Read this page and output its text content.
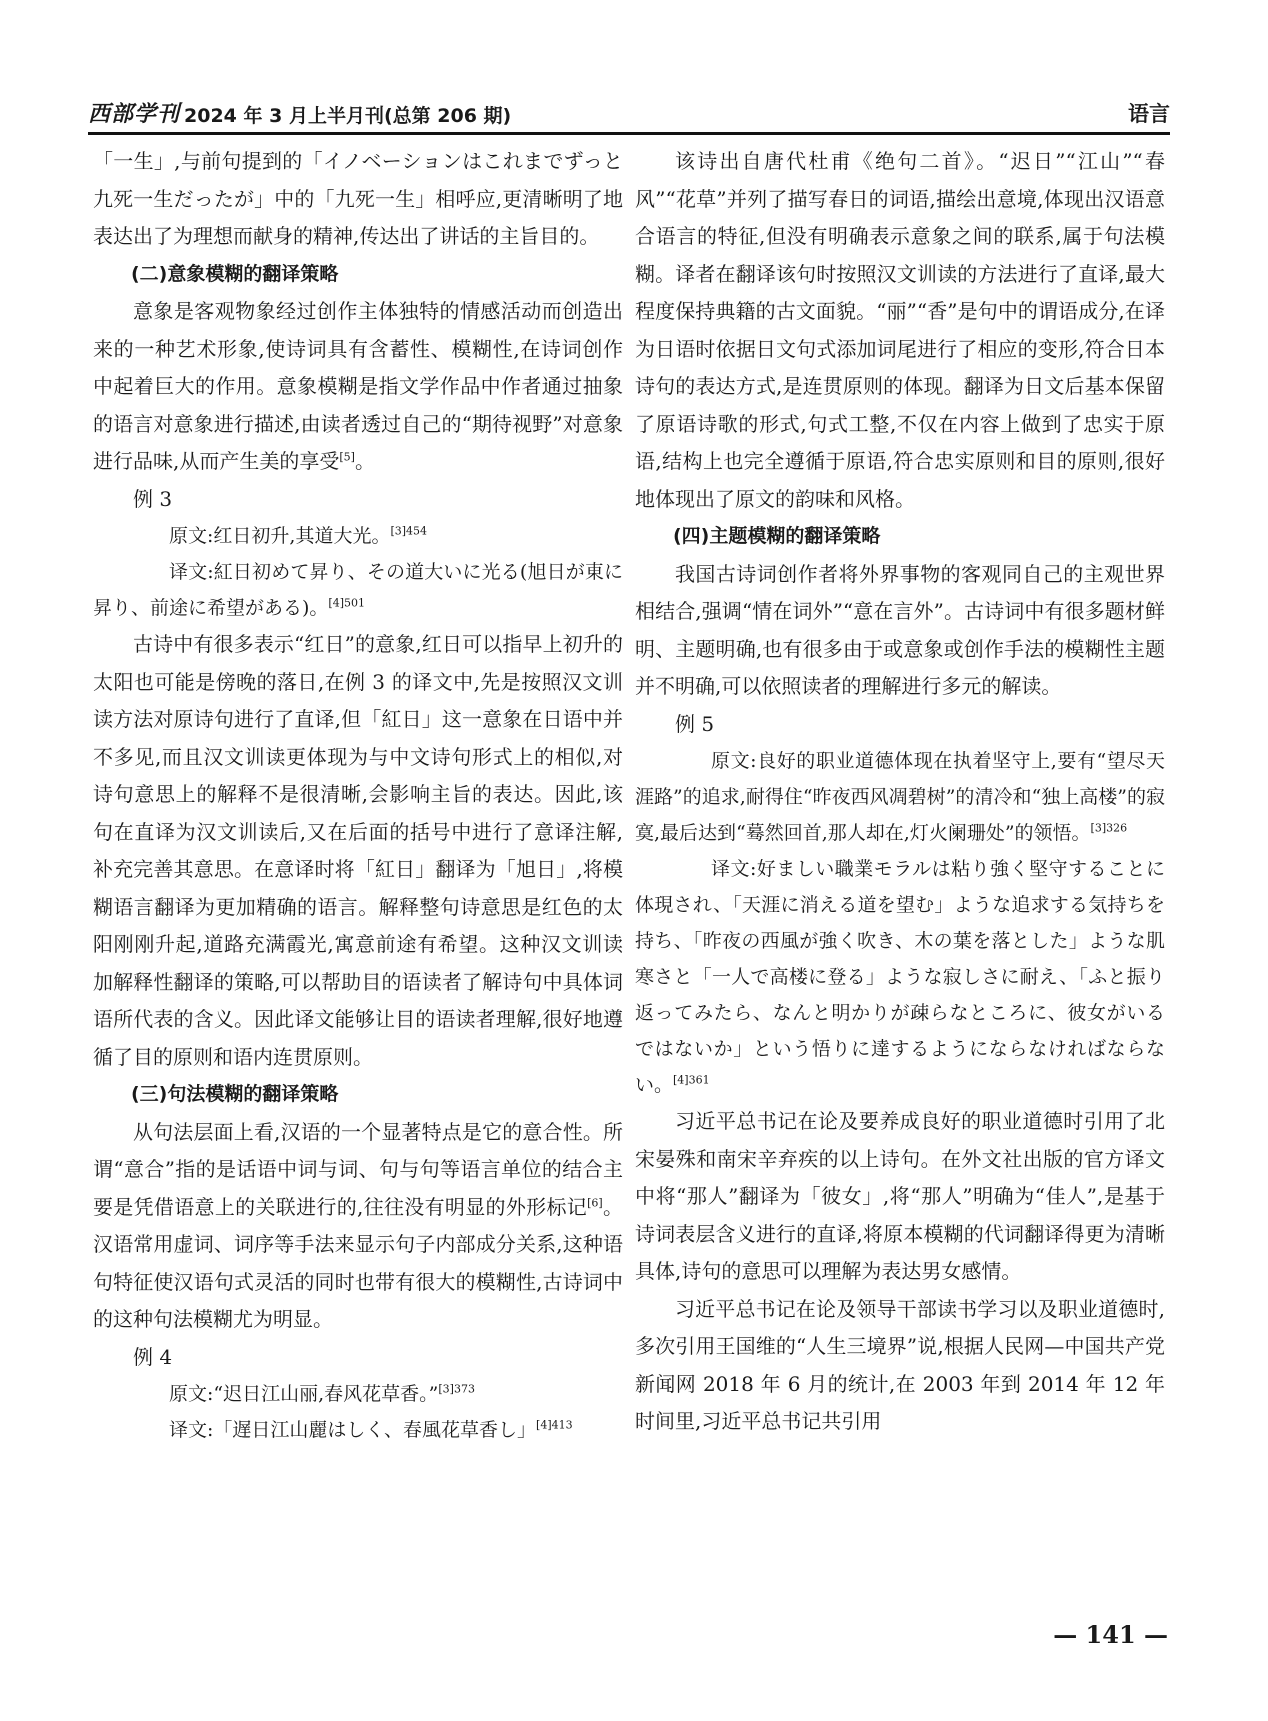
西部学刊 2024 年 3 月上半月刊(总第 206 期)	语言

「一生」,与前句提到的「イノベーションはこれまでずっと九死一生だったが」中的「九死一生」相呼应,更清晰明了地表达出了为理想而献身的精神,传达出了讲话的主旨目的。

(二)意象模糊的翻译策略

意象是客观物象经过创作主体独特的情感活动而创造出来的一种艺术形象,使诗词具有含蓄性、模糊性,在诗词创作中起着巨大的作用。意象模糊是指文学作品中作者通过抽象的语言对意象进行描述,由读者透过自己的“期待视野”对意象进行品味,从而产生美的享受[5]。

例 3

原文:红日初升,其道大光。$^{[3]454}$

译文:紅日初めて昇り、その道大いに光る(旭日が東に昇り、前途に希望がある)。$^{[4]501}$

古诗中有很多表示“红日”的意象,红日可以指早上初升的太阳也可能是傍晚的落日,在例 3 的译文中,先是按照汉文训读方法对原诗句进行了直译,但「紅日」这一意象在日语中并不多见,而且汉文训读更体现为与中文诗句形式上的相似,对诗句意思上的解释不是很清晰,会影响主旨的表达。因此,该句在直译为汉文训读后,又在后面的括号中进行了意译注解,补充完善其意思。在意译时将「紅日」翻译为「旭日」,将模糊语言翻译为更加精确的语言。解释整句诗意思是红色的太阳刚刚升起,道路充满霞光,寓意前途有希望。这种汉文训读加解释性翻译的策略,可以帮助目的语读者了解诗句中具体词语所代表的含义。因此译文能够让目的语读者理解,很好地遵循了目的原则和语内连贯原则。

(三)句法模糊的翻译策略

从句法层面上看,汉语的一个显著特点是它的意合性。所谓“意合”指的是话语中词与词、句与句等语言单位的结合主要是凭借语意上的关联进行的,往往没有明显的外形标记[6]。汉语常用虚词、词序等手法来显示句子内部成分关系,这种语句特征使汉语句式灵活的同时也带有很大的模糊性,古诗词中的这种句法模糊尤为明显。

例 4

原文:“迟日江山丽,春风花草香。”$^{[3]373}$

译文:「遅日江山麗はしく、春風花草香し」$^{[4]413}$

该诗出自唐代杜甫《绝句二首》。“迟日”“江山”“春风”“花草”并列了描写春日的词语,描绘出意境,体现出汉语意合语言的特征,但没有明确表示意象之间的联系,属于句法模糊。译者在翻译该句时按照汉文训读的方法进行了直译,最大程度保持典籍的古文面貌。“丽”“香”是句中的谓语成分,在译为日语时依据日文句式添加词尾进行了相应的变形,符合日本诗句的表达方式,是连贯原则的体现。翻译为日文后基本保留了原语诗歌的形式,句式工整,不仅在内容上做到了忠实于原语,结构上也完全遵循于原语,符合忠实原则和目的原则,很好地体现出了原文的韵味和风格。

(四)主题模糊的翻译策略

我国古诗词创作者将外界事物的客观同自己的主观世界相结合,强调“情在词外”“意在言外”。古诗词中有很多题材鲜明、主题明确,也有很多由于或意象或创作手法的模糊性主题并不明确,可以依照读者的理解进行多元的解读。

例 5

原文:良好的职业道德体现在执着坚守上,要有“望尽天涯路”的追求,耐得住“昨夜西风凋碧树”的清冷和“独上高楼”的寂寞,最后达到“蓦然回首,那人却在,灯火阑珊处”的领悟。$^{[3]326}$

译文:好ましい職業モラルは粘り強く堅守することに体現され、「天涯に消える道を望む」ような追求する気持ちを持ち、「昨夜の西風が強く吹き、木の葉を落とした」ような肌寒さと「一人で高楼に登る」ような寂しさに耐え、「ふと振り返ってみたら、なんと明かりが疎らなところに、彼女がいるではないか」という悟りに達するようにならなければならない。$^{[4]361}$

习近平总书记在论及要养成良好的职业道德时引用了北宋晏殊和南宋辛弃疾的以上诗句。在外文社出版的官方译文中将“那人”翻译为「彼女」,将“那人”明确为“佳人”,是基于诗词表层含义进行的直译,将原本模糊的代词翻译得更为清晰具体,诗句的意思可以理解为表达男女感情。

习近平总书记在论及领导干部读书学习以及职业道德时,多次引用王国维的“人生三境界”说,根据人民网—中国共产党新闻网 2018 年 6 月的统计,在 2003 年到 2014 年 12 年时间里,习近平总书记共引用

— 141 —
